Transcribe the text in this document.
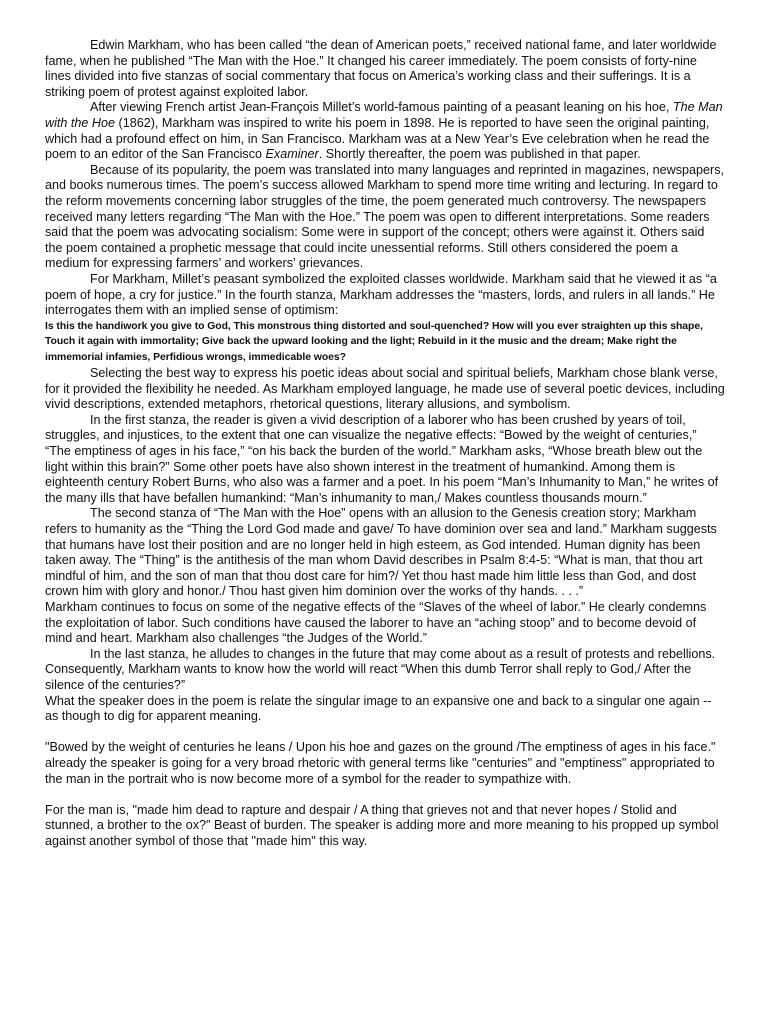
Edwin Markham, who has been called “the dean of American poets,” received national fame, and later worldwide fame, when he published “The Man with the Hoe.” It changed his career immediately. The poem consists of forty-nine lines divided into five stanzas of social commentary that focus on America’s working class and their sufferings. It is a striking poem of protest against exploited labor.

After viewing French artist Jean-François Millet’s world-famous painting of a peasant leaning on his hoe, The Man with the Hoe (1862), Markham was inspired to write his poem in 1898. He is reported to have seen the original painting, which had a profound effect on him, in San Francisco. Markham was at a New Year’s Eve celebration when he read the poem to an editor of the San Francisco Examiner. Shortly thereafter, the poem was published in that paper.

Because of its popularity, the poem was translated into many languages and reprinted in magazines, newspapers, and books numerous times. The poem’s success allowed Markham to spend more time writing and lecturing. In regard to the reform movements concerning labor struggles of the time, the poem generated much controversy. The newspapers received many letters regarding “The Man with the Hoe.” The poem was open to different interpretations. Some readers said that the poem was advocating socialism: Some were in support of the concept; others were against it. Others said the poem contained a prophetic message that could incite unessential reforms. Still others considered the poem a medium for expressing farmers’ and workers’ grievances.

For Markham, Millet’s peasant symbolized the exploited classes worldwide. Markham said that he viewed it as “a poem of hope, a cry for justice.” In the fourth stanza, Markham addresses the “masters, lords, and rulers in all lands.” He interrogates them with an implied sense of optimism:

Is this the handiwork you give to God, This monstrous thing distorted and soul-quenched? How will you ever straighten up this shape, Touch it again with immortality; Give back the upward looking and the light; Rebuild in it the music and the dream; Make right the immemorial infamies, Perfidious wrongs, immedicable woes?

Selecting the best way to express his poetic ideas about social and spiritual beliefs, Markham chose blank verse, for it provided the flexibility he needed. As Markham employed language, he made use of several poetic devices, including vivid descriptions, extended metaphors, rhetorical questions, literary allusions, and symbolism.

In the first stanza, the reader is given a vivid description of a laborer who has been crushed by years of toil, struggles, and injustices, to the extent that one can visualize the negative effects: “Bowed by the weight of centuries,” “The emptiness of ages in his face,” “on his back the burden of the world.” Markham asks, “Whose breath blew out the light within this brain?” Some other poets have also shown interest in the treatment of humankind. Among them is eighteenth century Robert Burns, who also was a farmer and a poet. In his poem “Man’s Inhumanity to Man,” he writes of the many ills that have befallen humankind: “Man’s inhumanity to man,/ Makes countless thousands mourn.”

The second stanza of “The Man with the Hoe” opens with an allusion to the Genesis creation story; Markham refers to humanity as the “Thing the Lord God made and gave/ To have dominion over sea and land.” Markham suggests that humans have lost their position and are no longer held in high esteem, as God intended. Human dignity has been taken away. The “Thing” is the antithesis of the man whom David describes in Psalm 8:4-5: “What is man, that thou art mindful of him, and the son of man that thou dost care for him?/ Yet thou hast made him little less than God, and dost crown him with glory and honor./ Thou hast given him dominion over the works of thy hands. . . .”

Markham continues to focus on some of the negative effects of the “Slaves of the wheel of labor.” He clearly condemns the exploitation of labor. Such conditions have caused the laborer to have an “aching stoop” and to become devoid of mind and heart. Markham also challenges “the Judges of the World.”

In the last stanza, he alludes to changes in the future that may come about as a result of protests and rebellions. Consequently, Markham wants to know how the world will react “When this dumb Terror shall reply to God,/ After the silence of the centuries?”

What the speaker does in the poem is relate the singular image to an expansive one and back to a singular one again -- as though to dig for apparent meaning.

"Bowed by the weight of centuries he leans / Upon his hoe and gazes on the ground /The emptiness of ages in his face." already the speaker is going for a very broad rhetoric with general terms like "centuries" and "emptiness" appropriated to the man in the portrait who is now become more of a symbol for the reader to sympathize with.

For the man is, "made him dead to rapture and despair / A thing that grieves not and that never hopes / Stolid and stunned, a brother to the ox?" Beast of burden. The speaker is adding more and more meaning to his propped up symbol against another symbol of those that "made him" this way.
